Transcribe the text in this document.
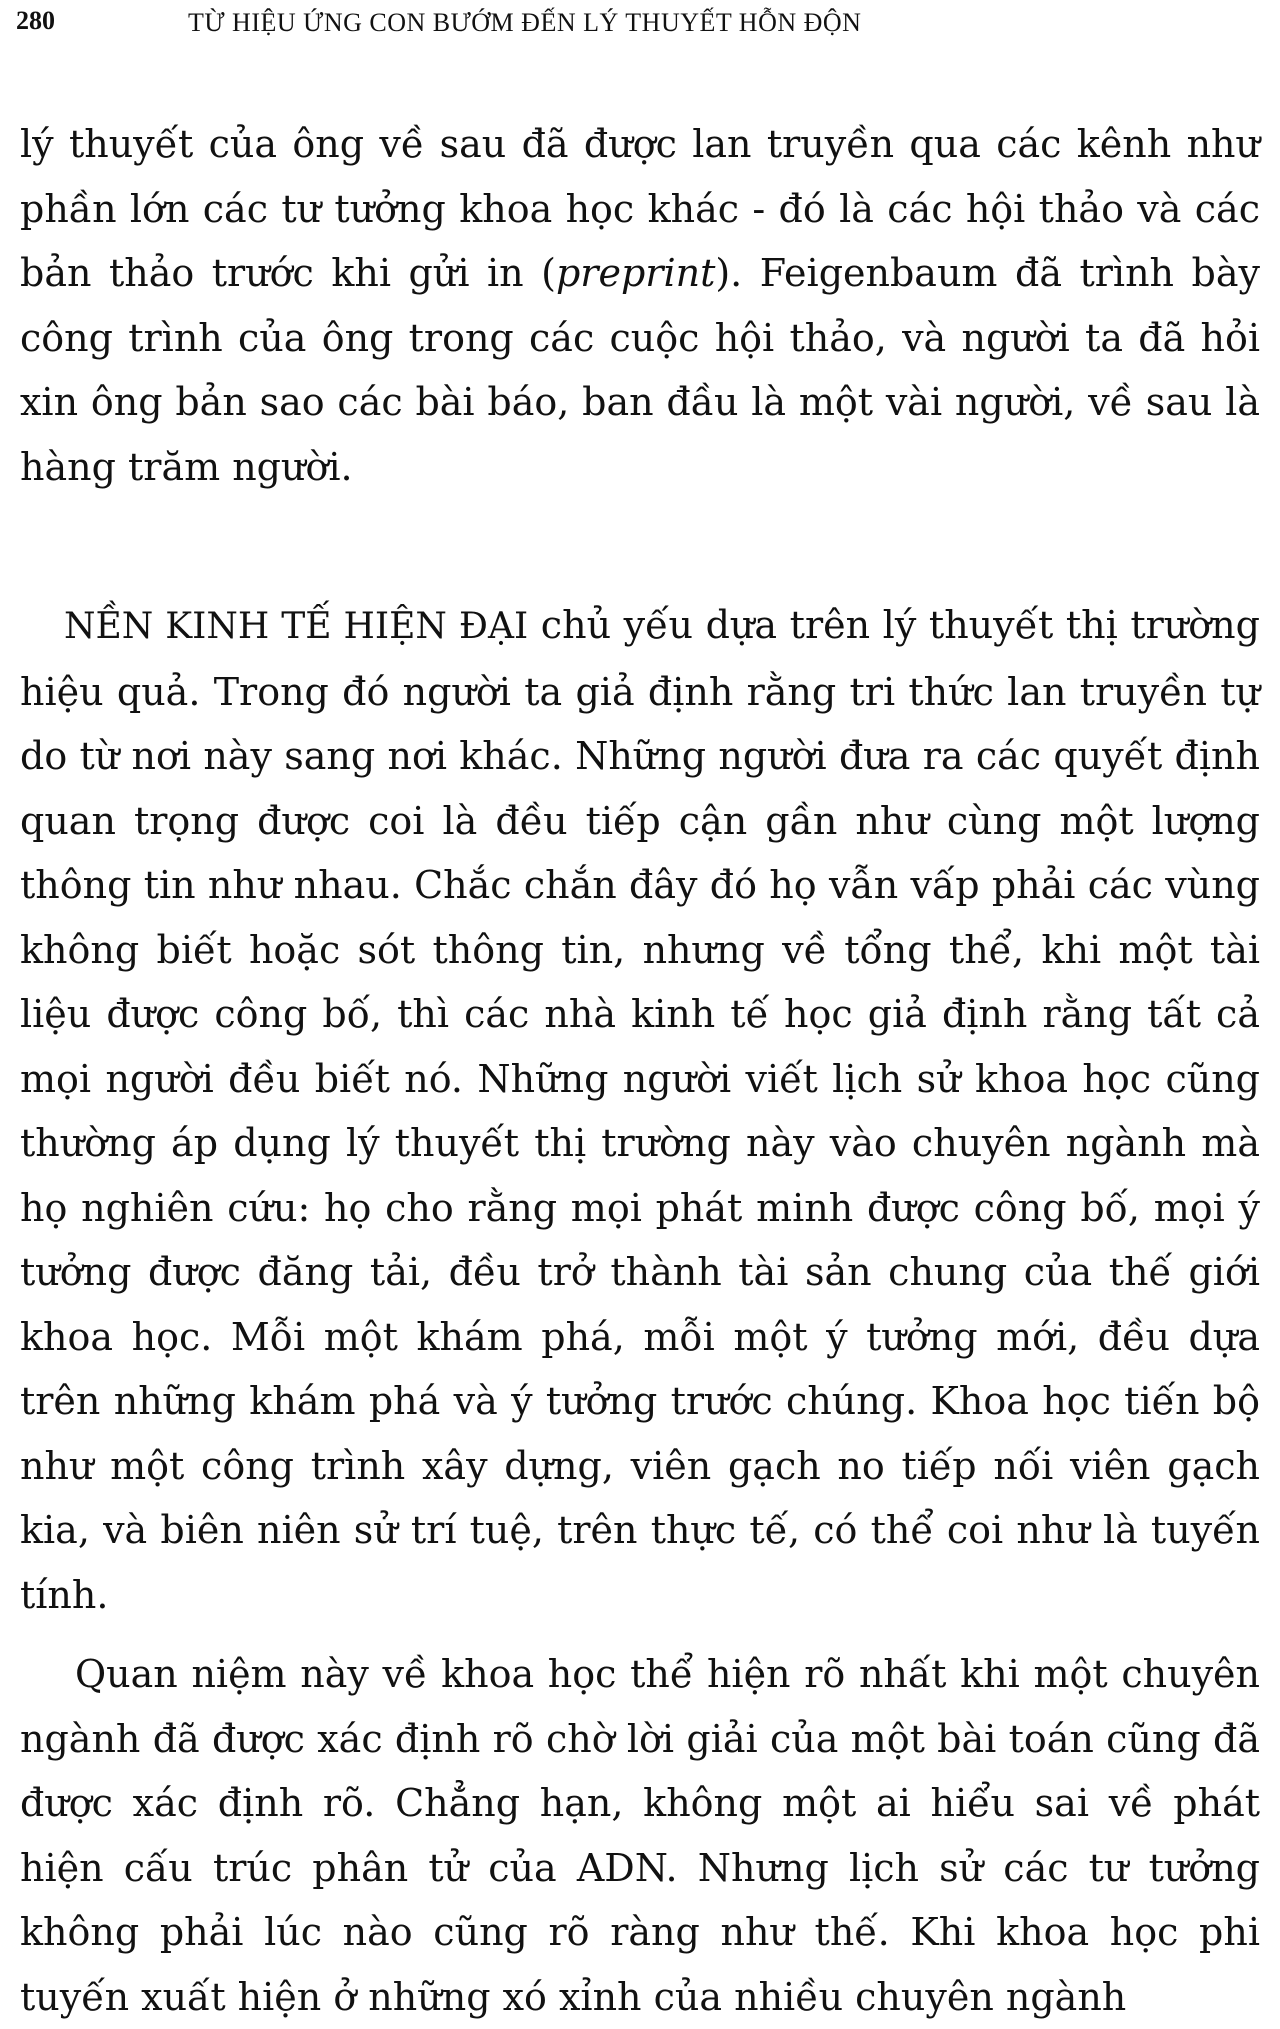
280	TỪ HIỆU ỨNG CON BƯỚM ĐẾN LÝ THUYẾT HỖN ĐỘN

lý thuyết của ông về sau đã được lan truyền qua các kênh như phần lớn các tư tưởng khoa học khác - đó là các hội thảo và các bản thảo trước khi gửi in (preprint). Feigenbaum đã trình bày công trình của ông trong các cuộc hội thảo, và người ta đã hỏi xin ông bản sao các bài báo, ban đầu là một vài người, về sau là hàng trăm người.

NỀN KINH TẾ HIỆN ĐẠI chủ yếu dựa trên lý thuyết thị trường hiệu quả. Trong đó người ta giả định rằng tri thức lan truyền tự do từ nơi này sang nơi khác. Những người đưa ra các quyết định quan trọng được coi là đều tiếp cận gần như cùng một lượng thông tin như nhau. Chắc chắn đây đó họ vẫn vấp phải các vùng không biết hoặc sót thông tin, nhưng về tổng thể, khi một tài liệu được công bố, thì các nhà kinh tế học giả định rằng tất cả mọi người đều biết nó. Những người viết lịch sử khoa học cũng thường áp dụng lý thuyết thị trường này vào chuyên ngành mà họ nghiên cứu: họ cho rằng mọi phát minh được công bố, mọi ý tưởng được đăng tải, đều trở thành tài sản chung của thế giới khoa học. Mỗi một khám phá, mỗi một ý tưởng mới, đều dựa trên những khám phá và ý tưởng trước chúng. Khoa học tiến bộ như một công trình xây dựng, viên gạch no tiếp nối viên gạch kia, và biên niên sử trí tuệ, trên thực tế, có thể coi như là tuyến tính.

Quan niệm này về khoa học thể hiện rõ nhất khi một chuyên ngành đã được xác định rõ chờ lời giải của một bài toán cũng đã được xác định rõ. Chẳng hạn, không một ai hiểu sai về phát hiện cấu trúc phân tử của ADN. Nhưng lịch sử các tư tưởng không phải lúc nào cũng rõ ràng như thế. Khi khoa học phi tuyến xuất hiện ở những xó xỉnh của nhiều chuyên ngành
